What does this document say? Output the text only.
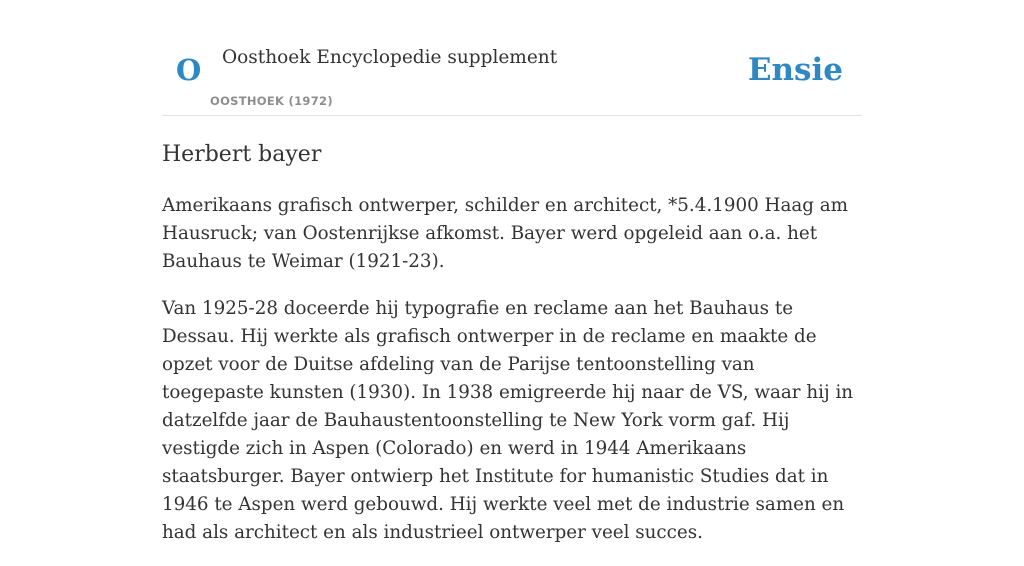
O Oosthoek Encyclopedie supplement
OOSTHOEK (1972)
Ensie
Herbert bayer

Amerikaans grafisch ontwerper, schilder en architect, *5.4.1900 Haag am Hausruck; van Oostenrijkse afkomst. Bayer werd opgeleid aan o.a. het Bauhaus te Weimar (1921-23).

Van 1925-28 doceerde hij typografie en reclame aan het Bauhaus te Dessau. Hij werkte als grafisch ontwerper in de reclame en maakte de opzet voor de Duitse afdeling van de Parijse tentoonstelling van toegepaste kunsten (1930). In 1938 emigreerde hij naar de VS, waar hij in datzelfde jaar de Bauhaustentoonstelling te New York vorm gaf. Hij vestigde zich in Aspen (Colorado) en werd in 1944 Amerikaans staatsburger. Bayer ontwierp het Institute for humanistic Studies dat in 1946 te Aspen werd gebouwd. Hij werkte veel met de industrie samen en had als architect en als industrieel ontwerper veel succes.
